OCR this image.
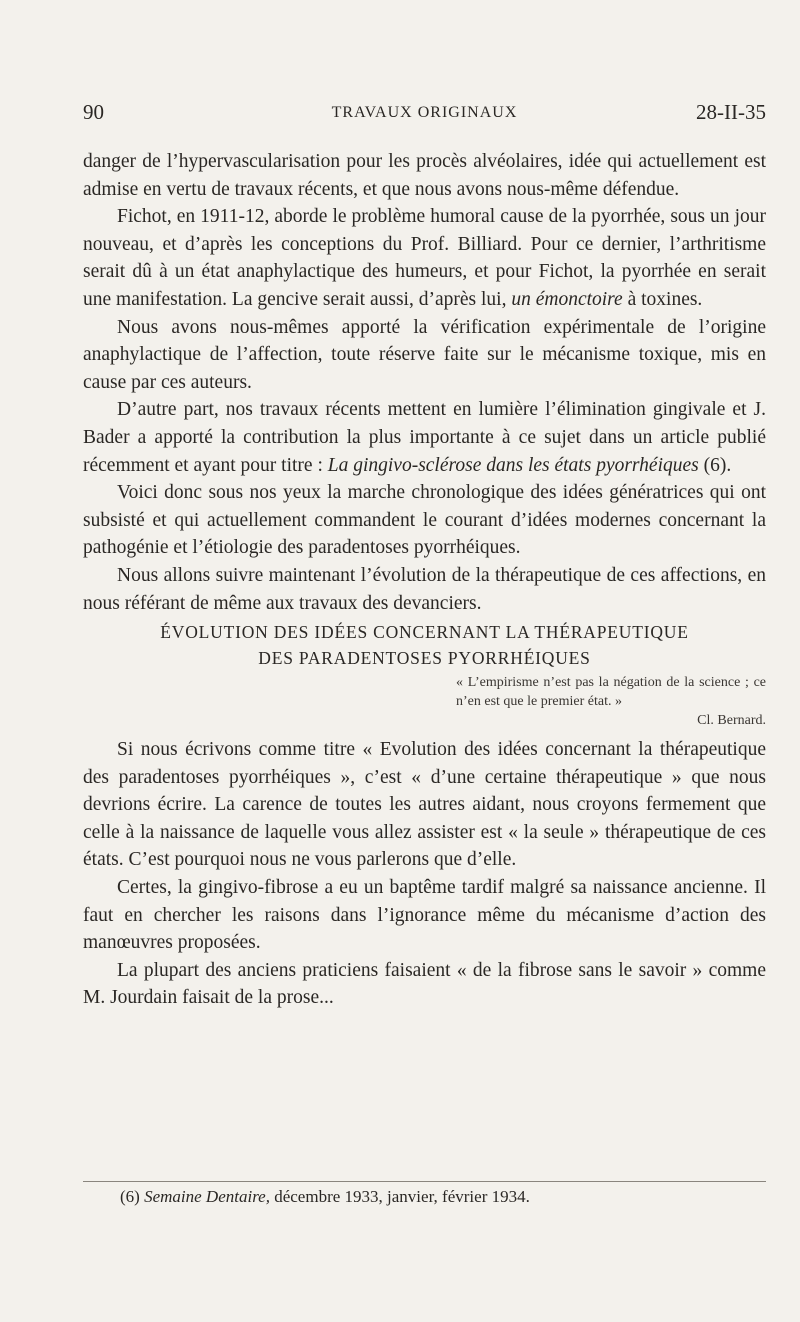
90	TRAVAUX ORIGINAUX	28-II-35

danger de l’hypervascularisation pour les procès alvéolaires, idée qui actuellement est admise en vertu de travaux récents, et que nous avons nous-même défendue.

Fichot, en 1911-12, aborde le problème humoral cause de la pyorrhée, sous un jour nouveau, et d’après les conceptions du Prof. Billiard. Pour ce dernier, l’arthritisme serait dû à un état anaphylactique des humeurs, et pour Fichot, la pyorrhée en serait une manifestation. La gencive serait aussi, d’après lui, un émonctoire à toxines.

Nous avons nous-mêmes apporté la vérification expérimentale de l’origine anaphylactique de l’affection, toute réserve faite sur le mécanisme toxique, mis en cause par ces auteurs.

D’autre part, nos travaux récents mettent en lumière l’élimination gingivale et J. Bader a apporté la contribution la plus importante à ce sujet dans un article publié récemment et ayant pour titre : La gingivo-sclérose dans les états pyorrhéiques (6).

Voici donc sous nos yeux la marche chronologique des idées génératrices qui ont subsisté et qui actuellement commandent le courant d’idées modernes concernant la pathogénie et l’étiologie des paradentoses pyorrhéiques.

Nous allons suivre maintenant l’évolution de la thérapeutique de ces affections, en nous référant de même aux travaux des devanciers.

ÉVOLUTION DES IDÉES CONCERNANT LA THÉRAPEUTIQUE
DES PARADENTOSES PYORRHÉIQUES
« L’empirisme n’est pas la négation de la science ; ce n’en est que le premier état. »
Cl. Bernard.

Si nous écrivons comme titre « Evolution des idées concernant la thérapeutique des paradentoses pyorrhéiques », c’est « d’une certaine thérapeutique » que nous devrions écrire. La carence de toutes les autres aidant, nous croyons fermement que celle à la naissance de laquelle vous allez assister est « la seule » thérapeutique de ces états. C’est pourquoi nous ne vous parlerons que d’elle.

Certes, la gingivo-fibrose a eu un baptême tardif malgré sa naissance ancienne. Il faut en chercher les raisons dans l’ignorance même du mécanisme d’action des manœuvres proposées.

La plupart des anciens praticiens faisaient « de la fibrose sans le savoir » comme M. Jourdain faisait de la prose...

(6) Semaine Dentaire, décembre 1933, janvier, février 1934.
